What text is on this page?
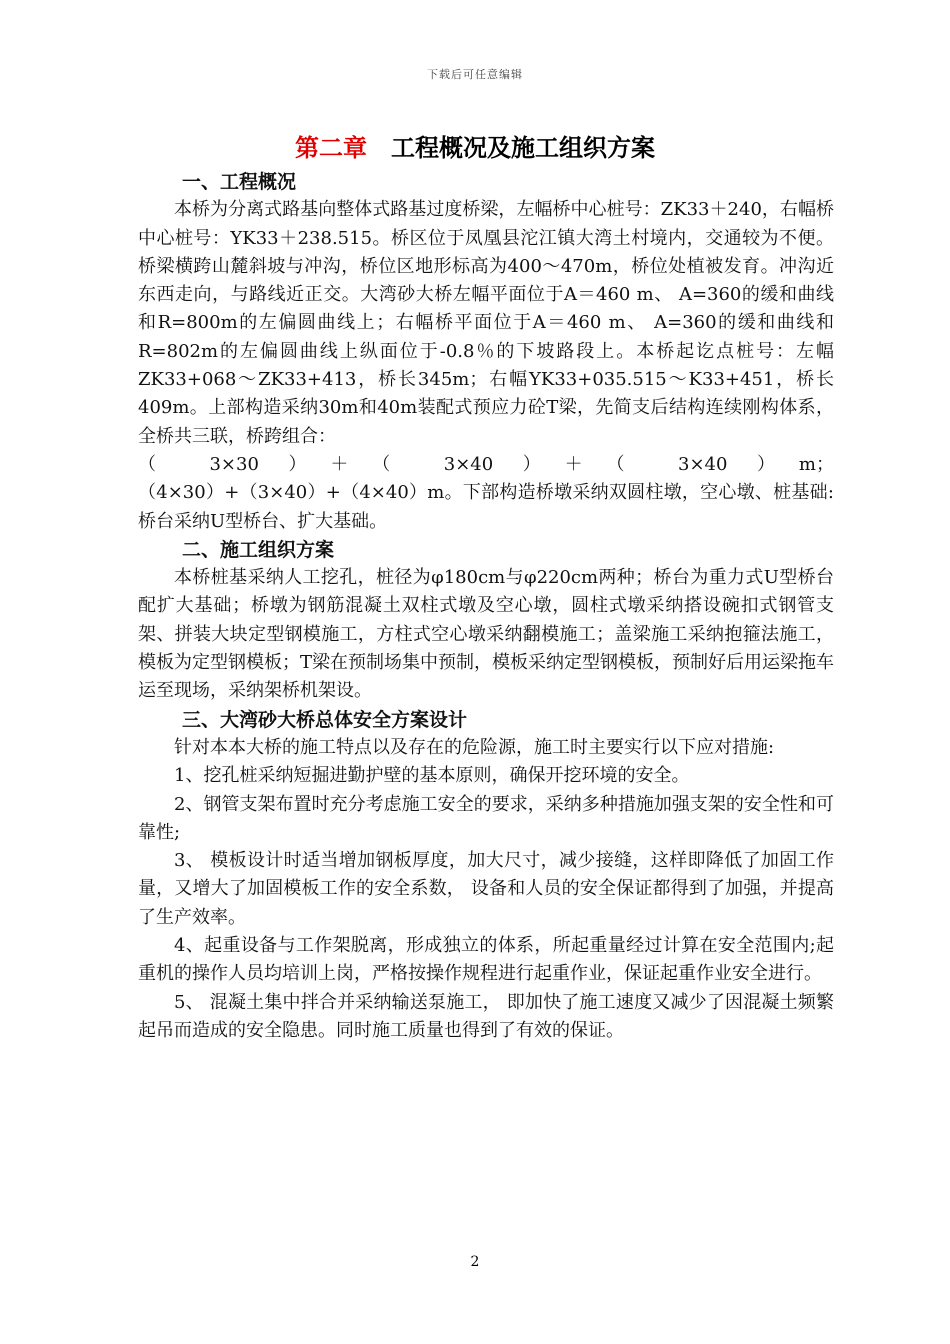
下载后可任意编辑
第二章 工程概况及施工组织方案
一、工程概况

本桥为分离式路基向整体式路基过度桥梁，左幅桥中心桩号：ZK33＋240，右幅桥中心桩号：YK33＋238.515。桥区位于凤凰县沱江镇大湾土村境内，交通较为不便。桥梁横跨山麓斜坡与冲沟，桥位区地形标高为400～470m，桥位处植被发育。冲沟近东西走向，与路线近正交。大湾砂大桥左幅平面位于A＝460 m、 A=360的缓和曲线和R=800m的左偏圆曲线上；右幅桥平面位于A＝460 m、 A=360的缓和曲线和R=802m的左偏圆曲线上纵面位于-0.8％的下坡路段上。本桥起讫点桩号：左幅ZK33+068～ZK33+413，桥长345m；右幅YK33+035.515～K33+451，桥长409m。上部构造采纳30m和40m装配式预应力砼T梁，先简支后结构连续刚构体系，全桥共三联，桥跨组合：

（ 3×30 ）＋（ 3×40 ）＋（ 3×40 ）m；

（4×30）+（3×40）+（4×40）m。下部构造桥墩采纳双圆柱墩，空心墩、桩基础:桥台采纳U型桥台、扩大基础。

二、施工组织方案

本桥桩基采纳人工挖孔，桩径为φ180cm与φ220cm两种；桥台为重力式U型桥台配扩大基础；桥墩为钢筋混凝土双柱式墩及空心墩，圆柱式墩采纳搭设碗扣式钢管支架、拼装大块定型钢模施工，方柱式空心墩采纳翻模施工；盖梁施工采纳抱箍法施工，模板为定型钢模板；T梁在预制场集中预制，模板采纳定型钢模板，预制好后用运梁拖车运至现场，采纳架桥机架设。

三、大湾砂大桥总体安全方案设计

针对本本大桥的施工特点以及存在的危险源，施工时主要实行以下应对措施:

1、挖孔桩采纳短掘进勤护壁的基本原则，确保开挖环境的安全。

2、钢管支架布置时充分考虑施工安全的要求，采纳多种措施加强支架的安全性和可靠性;

3、 模板设计时适当增加钢板厚度，加大尺寸，减少接缝，这样即降低了加固工作量，又增大了加固模板工作的安全系数， 设备和人员的安全保证都得到了加强，并提高了生产效率。

4、起重设备与工作架脱离，形成独立的体系，所起重量经过计算在安全范围内;起重机的操作人员均培训上岗，严格按操作规程进行起重作业，保证起重作业安全进行。

5、 混凝土集中拌合并采纳输送泵施工， 即加快了施工速度又减少了因混凝土频繁起吊而造成的安全隐患。同时施工质量也得到了有效的保证。

2
